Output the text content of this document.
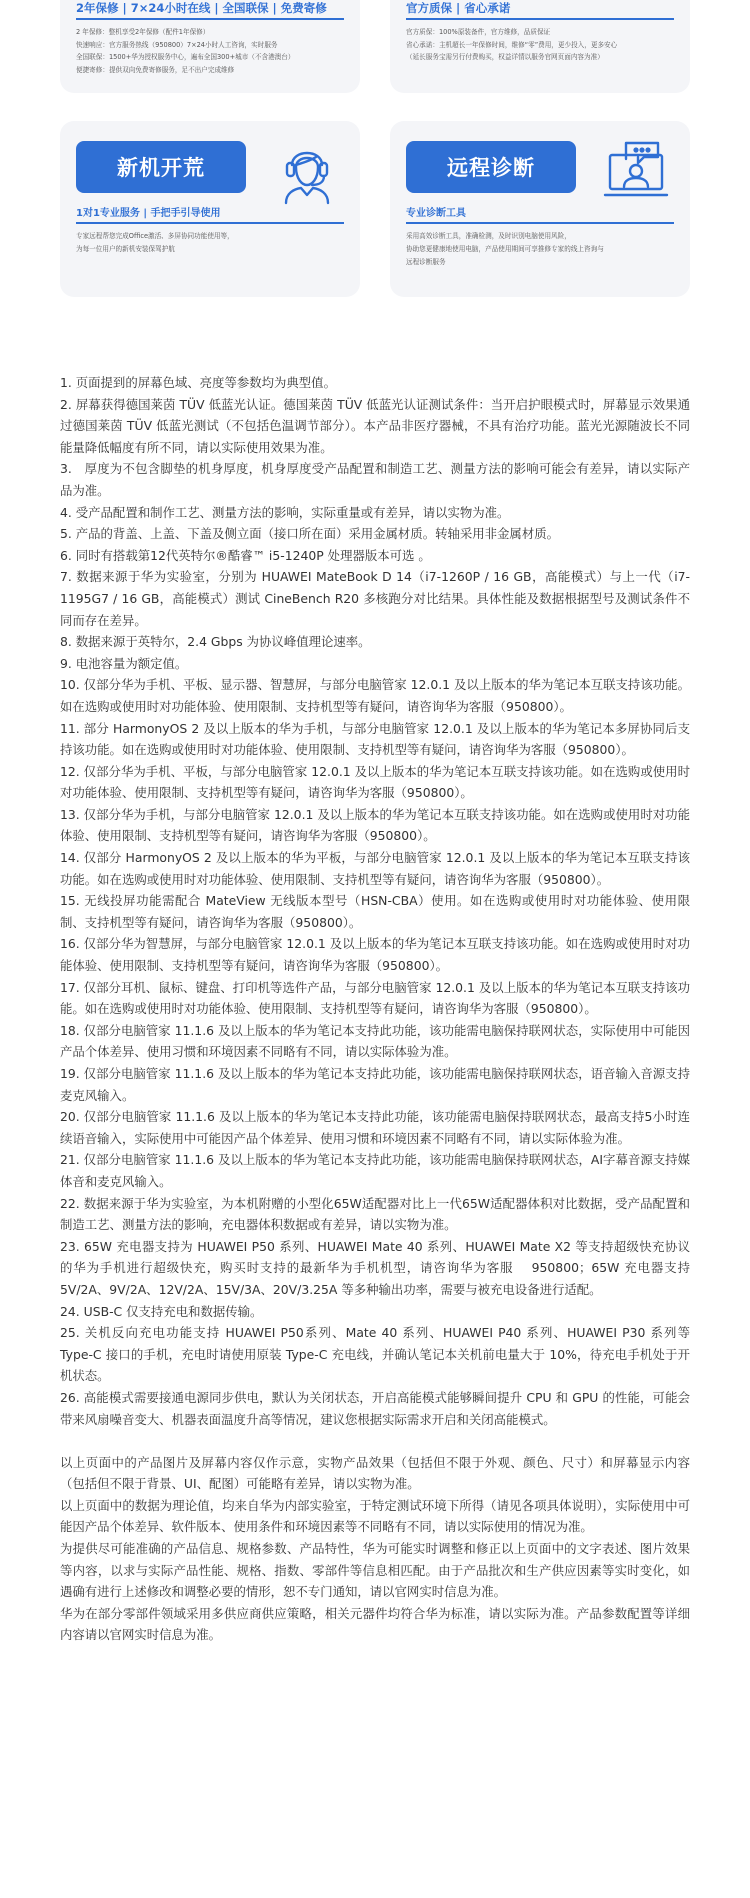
2年保修 | 7×24小时在线 | 全国联保 | 免费寄修
2 年保修：整机享受2年保修（配件1年保修）
快速响应：官方服务热线（950800）7×24小时人工咨询，实时服务
全国联保：1500+华为授权服务中心，遍布全国300+城市（不含港澳台）
便捷寄修：提供双向免费寄修服务，足不出户完成维修
官方质保 | 省心承诺
官方质保：100%原装备件，官方维修，品质保证
省心承诺：主机超长一年保修时间，维修“零”费用，更少投入，更多安心
（延长服务宝需另行付费购买，权益详情以服务官网页面内容为准）
新机开荒
1对1专业服务 | 手把手引导使用
专家远程帮您完成Office激活、多屏协同功能使用等，
为每一位用户的新机安装保驾护航
远程诊断
专业诊断工具
采用高效诊断工具，准确检测，及时识别电脑使用风险，
协助您更健康地使用电脑，产品使用期间可享推修专家的线上咨询与
远程诊断服务

1. 页面提到的屏幕色域、亮度等参数均为典型值。

2. 屏幕获得德国莱茵 TÜV 低蓝光认证。德国莱茵 TÜV 低蓝光认证测试条件：当开启护眼模式时，屏幕显示效果通过德国莱茵 TÜV 低蓝光测试（不包括色温调节部分）。本产品非医疗器械，不具有治疗功能。蓝光光源随波长不同能量降低幅度有所不同，请以实际使用效果为准。

3.　厚度为不包含脚垫的机身厚度，机身厚度受产品配置和制造工艺、测量方法的影响可能会有差异，请以实际产品为准。

4. 受产品配置和制作工艺、测量方法的影响，实际重量或有差异，请以实物为准。

5. 产品的背盖、上盖、下盖及侧立面（接口所在面）采用金属材质。转轴采用非金属材质。

6. 同时有搭载第12代英特尔®酷睿™ i5-1240P 处理器版本可选 。

7. 数据来源于华为实验室，分别为 HUAWEI MateBook D 14（i7-1260P / 16 GB，高能模式）与上一代（i7-1195G7 / 16 GB，高能模式）测试 CineBench R20 多核跑分对比结果。具体性能及数据根据型号及测试条件不同而存在差异。

8. 数据来源于英特尔，2.4 Gbps 为协议峰值理论速率。

9. 电池容量为额定值。

10. 仅部分华为手机、平板、显示器、智慧屏，与部分电脑管家 12.0.1 及以上版本的华为笔记本互联支持该功能。如在选购或使用时对功能体验、使用限制、支持机型等有疑问，请咨询华为客服（950800）。

11. 部分 HarmonyOS 2 及以上版本的华为手机，与部分电脑管家 12.0.1 及以上版本的华为笔记本多屏协同后支持该功能。如在选购或使用时对功能体验、使用限制、支持机型等有疑问，请咨询华为客服（950800）。

12. 仅部分华为手机、平板，与部分电脑管家 12.0.1 及以上版本的华为笔记本互联支持该功能。如在选购或使用时对功能体验、使用限制、支持机型等有疑问，请咨询华为客服（950800）。

13. 仅部分华为手机，与部分电脑管家 12.0.1 及以上版本的华为笔记本互联支持该功能。如在选购或使用时对功能体验、使用限制、支持机型等有疑问，请咨询华为客服（950800）。

14. 仅部分 HarmonyOS 2 及以上版本的华为平板，与部分电脑管家 12.0.1 及以上版本的华为笔记本互联支持该功能。如在选购或使用时对功能体验、使用限制、支持机型等有疑问，请咨询华为客服（950800）。

15. 无线投屏功能需配合 MateView 无线版本型号（HSN-CBA）使用。如在选购或使用时对功能体验、使用限制、支持机型等有疑问，请咨询华为客服（950800）。

16. 仅部分华为智慧屏，与部分电脑管家 12.0.1 及以上版本的华为笔记本互联支持该功能。如在选购或使用时对功能体验、使用限制、支持机型等有疑问，请咨询华为客服（950800）。

17. 仅部分耳机、鼠标、键盘、打印机等选件产品，与部分电脑管家 12.0.1 及以上版本的华为笔记本互联支持该功能。如在选购或使用时对功能体验、使用限制、支持机型等有疑问，请咨询华为客服（950800）。

18. 仅部分电脑管家 11.1.6 及以上版本的华为笔记本支持此功能，该功能需电脑保持联网状态，实际使用中可能因产品个体差异、使用习惯和环境因素不同略有不同，请以实际体验为准。

19. 仅部分电脑管家 11.1.6 及以上版本的华为笔记本支持此功能，该功能需电脑保持联网状态，语音输入音源支持麦克风输入。

20. 仅部分电脑管家 11.1.6 及以上版本的华为笔记本支持此功能，该功能需电脑保持联网状态，最高支持5小时连续语音输入，实际使用中可能因产品个体差异、使用习惯和环境因素不同略有不同，请以实际体验为准。

21. 仅部分电脑管家 11.1.6 及以上版本的华为笔记本支持此功能，该功能需电脑保持联网状态，AI字幕音源支持媒体音和麦克风输入。

22. 数据来源于华为实验室，为本机附赠的小型化65W适配器对比上一代65W适配器体积对比数据，受产品配置和制造工艺、测量方法的影响，充电器体积数据或有差异，请以实物为准。

23. 65W 充电器支持为 HUAWEI P50 系列、HUAWEI Mate 40 系列、HUAWEI Mate X2 等支持超级快充协议的华为手机进行超级快充，购买时支持的最新华为手机机型，请咨询华为客服　 950800；65W 充电器支持 5V/2A、9V/2A、12V/2A、15V/3A、20V/3.25A 等多种输出功率，需要与被充电设备进行适配。

24. USB-C 仅支持充电和数据传输。

25. 关机反向充电功能支持 HUAWEI P50系列、Mate 40 系列、HUAWEI P40 系列、HUAWEI P30 系列等 Type-C 接口的手机，充电时请使用原装 Type-C 充电线，并确认笔记本关机前电量大于 10%，待充电手机处于开机状态。

26. 高能模式需要接通电源同步供电，默认为关闭状态，开启高能模式能够瞬间提升 CPU 和 GPU 的性能，可能会带来风扇噪音变大、机器表面温度升高等情况，建议您根据实际需求开启和关闭高能模式。

以上页面中的产品图片及屏幕内容仅作示意，实物产品效果（包括但不限于外观、颜色、尺寸）和屏幕显示内容（包括但不限于背景、UI、配图）可能略有差异，请以实物为准。

以上页面中的数据为理论值，均来自华为内部实验室，于特定测试环境下所得（请见各项具体说明），实际使用中可能因产品个体差异、软件版本、使用条件和环境因素等不同略有不同，请以实际使用的情况为准。

为提供尽可能准确的产品信息、规格参数、产品特性，华为可能实时调整和修正以上页面中的文字表述、图片效果等内容，以求与实际产品性能、规格、指数、零部件等信息相匹配。由于产品批次和生产供应因素等实时变化，如遇确有进行上述修改和调整必要的情形，恕不专门通知，请以官网实时信息为准。

华为在部分零部件领域采用多供应商供应策略，相关元器件均符合华为标准，请以实际为准。产品参数配置等详细内容请以官网实时信息为准。
